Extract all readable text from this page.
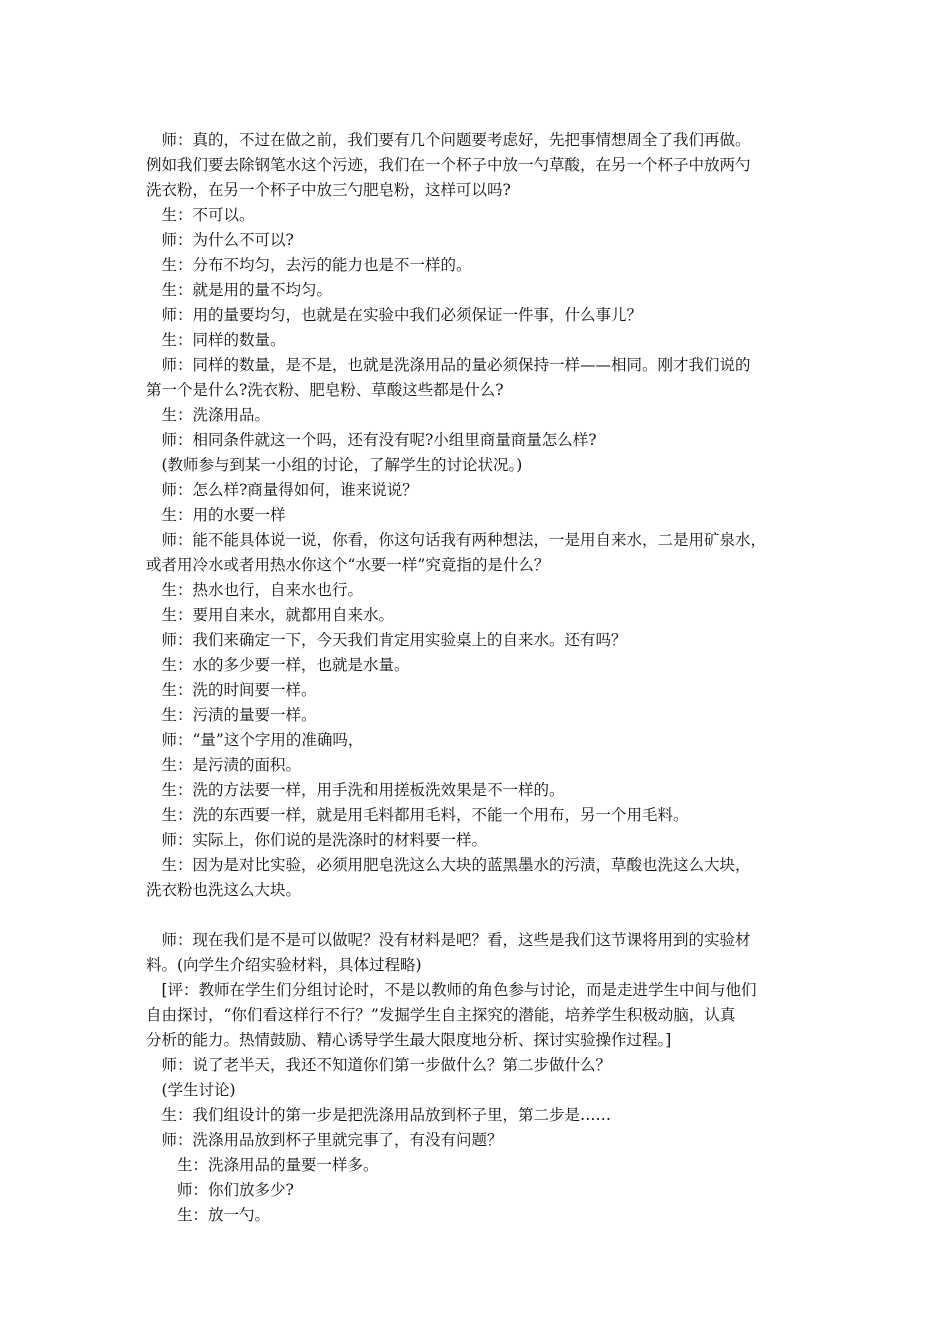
　师：真的，不过在做之前，我们要有几个问题要考虑好，先把事情想周全了我们再做。
例如我们要去除钢笔水这个污迹，我们在一个杯子中放一勺草酸，在另一个杯子中放两勺
洗衣粉，在另一个杯子中放三勺肥皂粉，这样可以吗?
　生：不可以。
　师：为什么不可以?
　生：分布不均匀，去污的能力也是不一样的。
　生：就是用的量不均匀。
　师：用的量要均匀，也就是在实验中我们必须保证一件事，什么事儿？
　生：同样的数量。
　师：同样的数量，是不是，也就是洗涤用品的量必须保持一样——相同。刚才我们说的
第一个是什么?洗衣粉、肥皂粉、草酸这些都是什么?
　生：洗涤用品。
　师：相同条件就这一个吗，还有没有呢?小组里商量商量怎么样?
　(教师参与到某一小组的讨论，了解学生的讨论状况。)
　师：怎么样?商量得如何，谁来说说？
　生：用的水要一样
　师：能不能具体说一说，你看，你这句话我有两种想法，一是用自来水，二是用矿泉水，
或者用冷水或者用热水你这个“水要一样”究竟指的是什么？
　生：热水也行，自来水也行。
　生：要用自来水，就都用自来水。
　师：我们来确定一下，今天我们肯定用实验桌上的自来水。还有吗？
　生：水的多少要一样，也就是水量。
　生：洗的时间要一样。
　生：污渍的量要一样。
　师：“量”这个字用的准确吗，
　生：是污渍的面积。
　生：洗的方法要一样，用手洗和用搓板洗效果是不一样的。
　生：洗的东西要一样，就是用毛料都用毛料，不能一个用布，另一个用毛料。
　师：实际上，你们说的是洗涤时的材料要一样。
　生：因为是对比实验，必须用肥皂洗这么大块的蓝黑墨水的污渍，草酸也洗这么大块，
洗衣粉也洗这么大块。
　师：现在我们是不是可以做呢？没有材料是吧？看，这些是我们这节课将用到的实验材
料。(向学生介绍实验材料，具体过程略)
　[评：教师在学生们分组讨论时，不是以教师的角色参与讨论，而是走进学生中间与他们
自由探讨，“你们看这样行不行？”发掘学生自主探究的潜能，培养学生积极动脑，认真
分析的能力。热情鼓励、精心诱导学生最大限度地分析、探讨实验操作过程。]
　师：说了老半天，我还不知道你们第一步做什么？第二步做什么？
　(学生讨论)
　生：我们组设计的第一步是把洗涤用品放到杯子里，第二步是……
　师：洗涤用品放到杯子里就完事了，有没有问题？
　　生：洗涤用品的量要一样多。
　　师：你们放多少?
　　生：放一勺。
